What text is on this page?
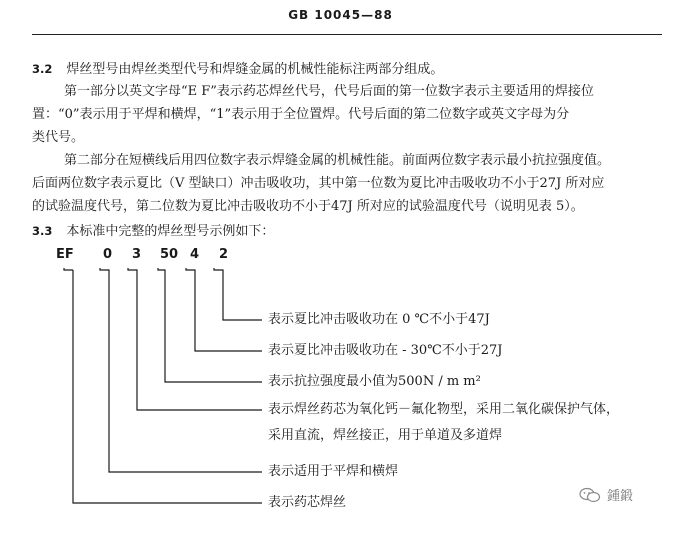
GB 10045—88
3.2 焊丝型号由焊丝类型代号和焊缝金属的机械性能标注两部分组成。
第一部分以英文字母“E F”表示药芯焊丝代号，代号后面的第一位数字表示主要适用的焊接位
置：“0”表示用于平焊和横焊，“1”表示用于全位置焊。代号后面的第二位数字或英文字母为分
类代号。
第二部分在短横线后用四位数字表示焊缝金属的机械性能。前面两位数字表示最小抗拉强度值。
后面两位数字表示夏比（V 型缺口）冲击吸收功，其中第一位数为夏比冲击吸收功不小于27J 所对应
的试验温度代号，第二位数为夏比冲击吸收功不小于47J 所对应的试验温度代号（说明见表 5）。
3.3 本标准中完整的焊丝型号示例如下：
EF 0 3 50 4 2
表示夏比冲击吸收功在 0 ℃不小于47J
表示夏比冲击吸收功在 - 30℃不小于27J
表示抗拉强度最小值为500N / m m²
表示焊丝药芯为氧化钙－氟化物型，采用二氧化碳保护气体，
采用直流，焊丝接正，用于单道及多道焊
表示适用于平焊和横焊
表示药芯焊丝	鍾鍛
